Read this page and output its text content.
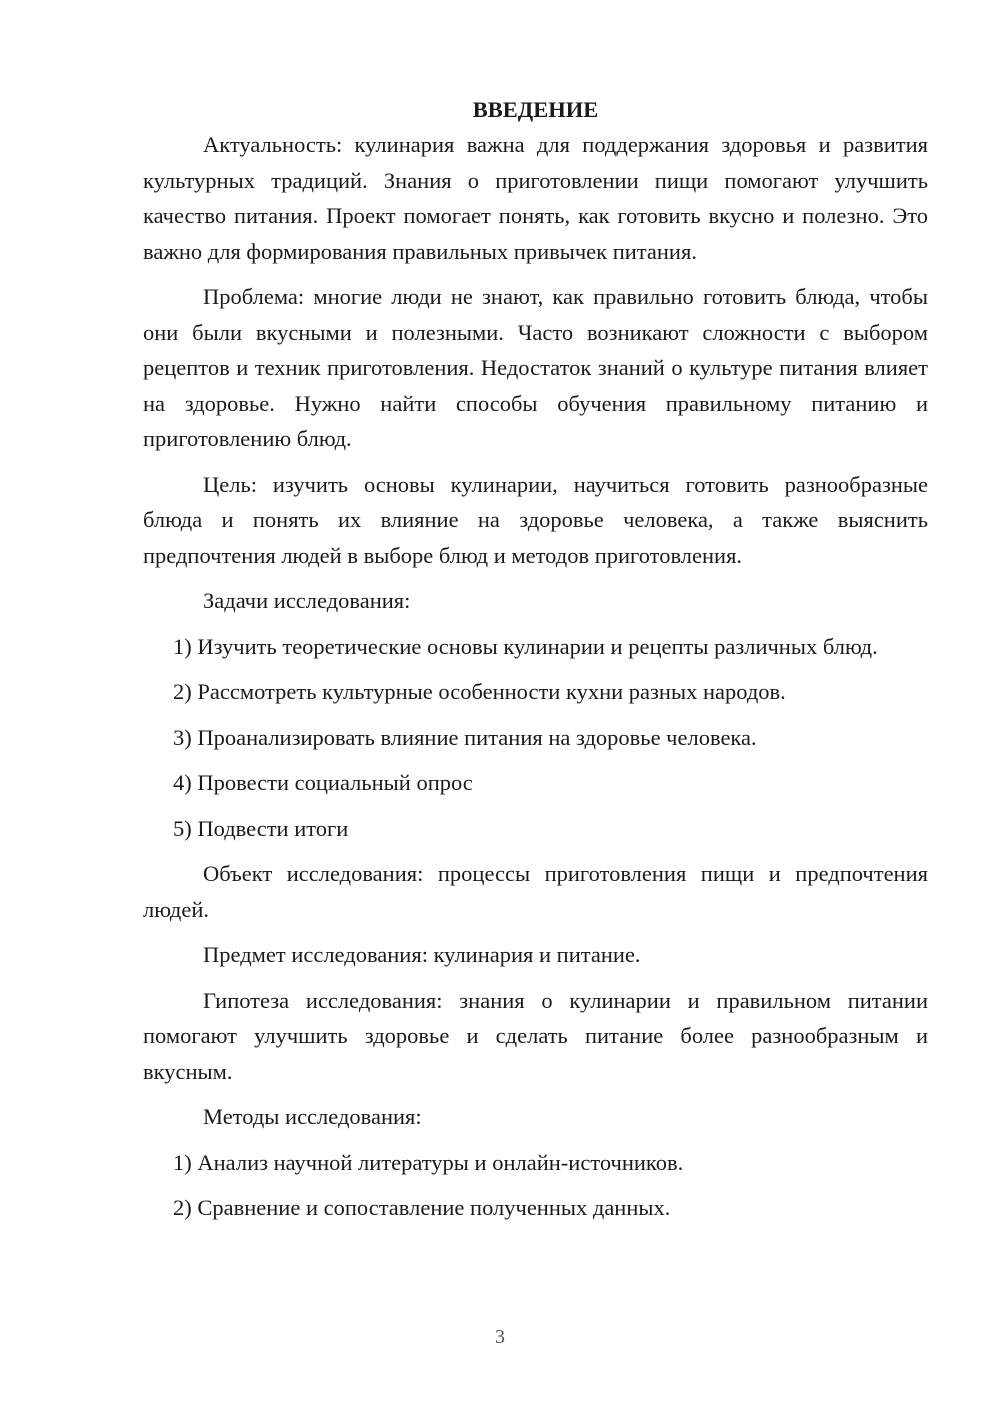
ВВЕДЕНИЕ

Актуальность: кулинария важна для поддержания здоровья и развития культурных традиций. Знания о приготовлении пищи помогают улучшить качество питания. Проект помогает понять, как готовить вкусно и полезно. Это важно для формирования правильных привычек питания.

Проблема: многие люди не знают, как правильно готовить блюда, чтобы они были вкусными и полезными. Часто возникают сложности с выбором рецептов и техник приготовления. Недостаток знаний о культуре питания влияет на здоровье. Нужно найти способы обучения правильному питанию и приготовлению блюд.

Цель: изучить основы кулинарии, научиться готовить разнообразные блюда и понять их влияние на здоровье человека, а также выяснить предпочтения людей в выборе блюд и методов приготовления.

Задачи исследования:

1) Изучить теоретические основы кулинарии и рецепты различных блюд.

2) Рассмотреть культурные особенности кухни разных народов.

3) Проанализировать влияние питания на здоровье человека.

4) Провести социальный опрос

5) Подвести итоги

Объект исследования: процессы приготовления пищи и предпочтения людей.

Предмет исследования: кулинария и питание.

Гипотеза исследования: знания о кулинарии и правильном питании помогают улучшить здоровье и сделать питание более разнообразным и вкусным.

Методы исследования:

1) Анализ научной литературы и онлайн-источников.

2) Сравнение и сопоставление полученных данных.

3
